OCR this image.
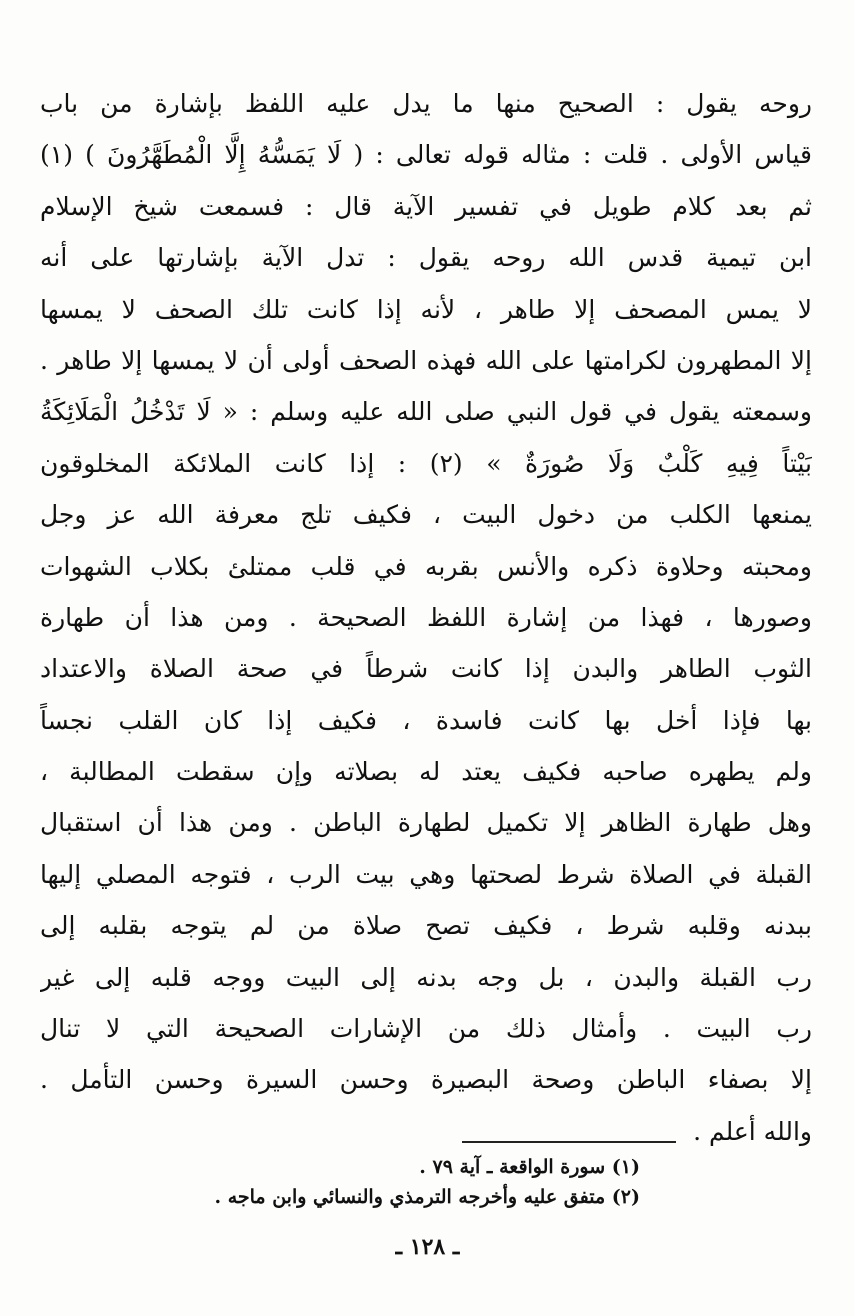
روحه يقول : الصحيح منها ما يدل عليه اللفظ بإشارة من باب
قياس الأولى . قلت : مثاله قوله تعالى : ( لَا يَمَسُّهُ إِلَّا الْمُطَهَّرُونَ ) (١)
ثم بعد كلام طويل في تفسير الآية قال : فسمعت شيخ الإسلام
ابن تيمية قدس الله روحه يقول : تدل الآية بإشارتها على أنه
لا يمس المصحف إلا طاهر ، لأنه إذا كانت تلك الصحف لا يمسها
إلا المطهرون لكرامتها على الله فهذه الصحف أولى أن لا يمسها إلا طاهر .
وسمعته يقول في قول النبي صلى الله عليه وسلم : « لَا تَدْخُلُ الْمَلَائِكَةُ
بَيْتاً فِيهِ كَلْبٌ وَلَا صُورَةٌ » (٢) : إذا كانت الملائكة المخلوقون
يمنعها الكلب من دخول البيت ، فكيف تلج معرفة الله عز وجل
ومحبته وحلاوة ذكره والأنس بقربه في قلب ممتلئ بكلاب الشهوات
وصورها ، فهذا من إشارة اللفظ الصحيحة . ومن هذا أن طهارة
الثوب الطاهر والبدن إذا كانت شرطاً في صحة الصلاة والاعتداد
بها فإذا أخل بها كانت فاسدة ، فكيف إذا كان القلب نجساً
ولم يطهره صاحبه فكيف يعتد له بصلاته وإن سقطت المطالبة ،
وهل طهارة الظاهر إلا تكميل لطهارة الباطن . ومن هذا أن استقبال
القبلة في الصلاة شرط لصحتها وهي بيت الرب ، فتوجه المصلي إليها
ببدنه وقلبه شرط ، فكيف تصح صلاة من لم يتوجه بقلبه إلى
رب القبلة والبدن ، بل وجه بدنه إلى البيت ووجه قلبه إلى غير
رب البيت . وأمثال ذلك من الإشارات الصحيحة التي لا تنال
إلا بصفاء الباطن وصحة البصيرة وحسن السيرة وحسن التأمل .
والله أعلم .
(١) سورة الواقعة ـ آية ٧٩ .
(٢) متفق عليه وأخرجه الترمذي والنسائي وابن ماجه .
ـ ١٢٨ ـ
